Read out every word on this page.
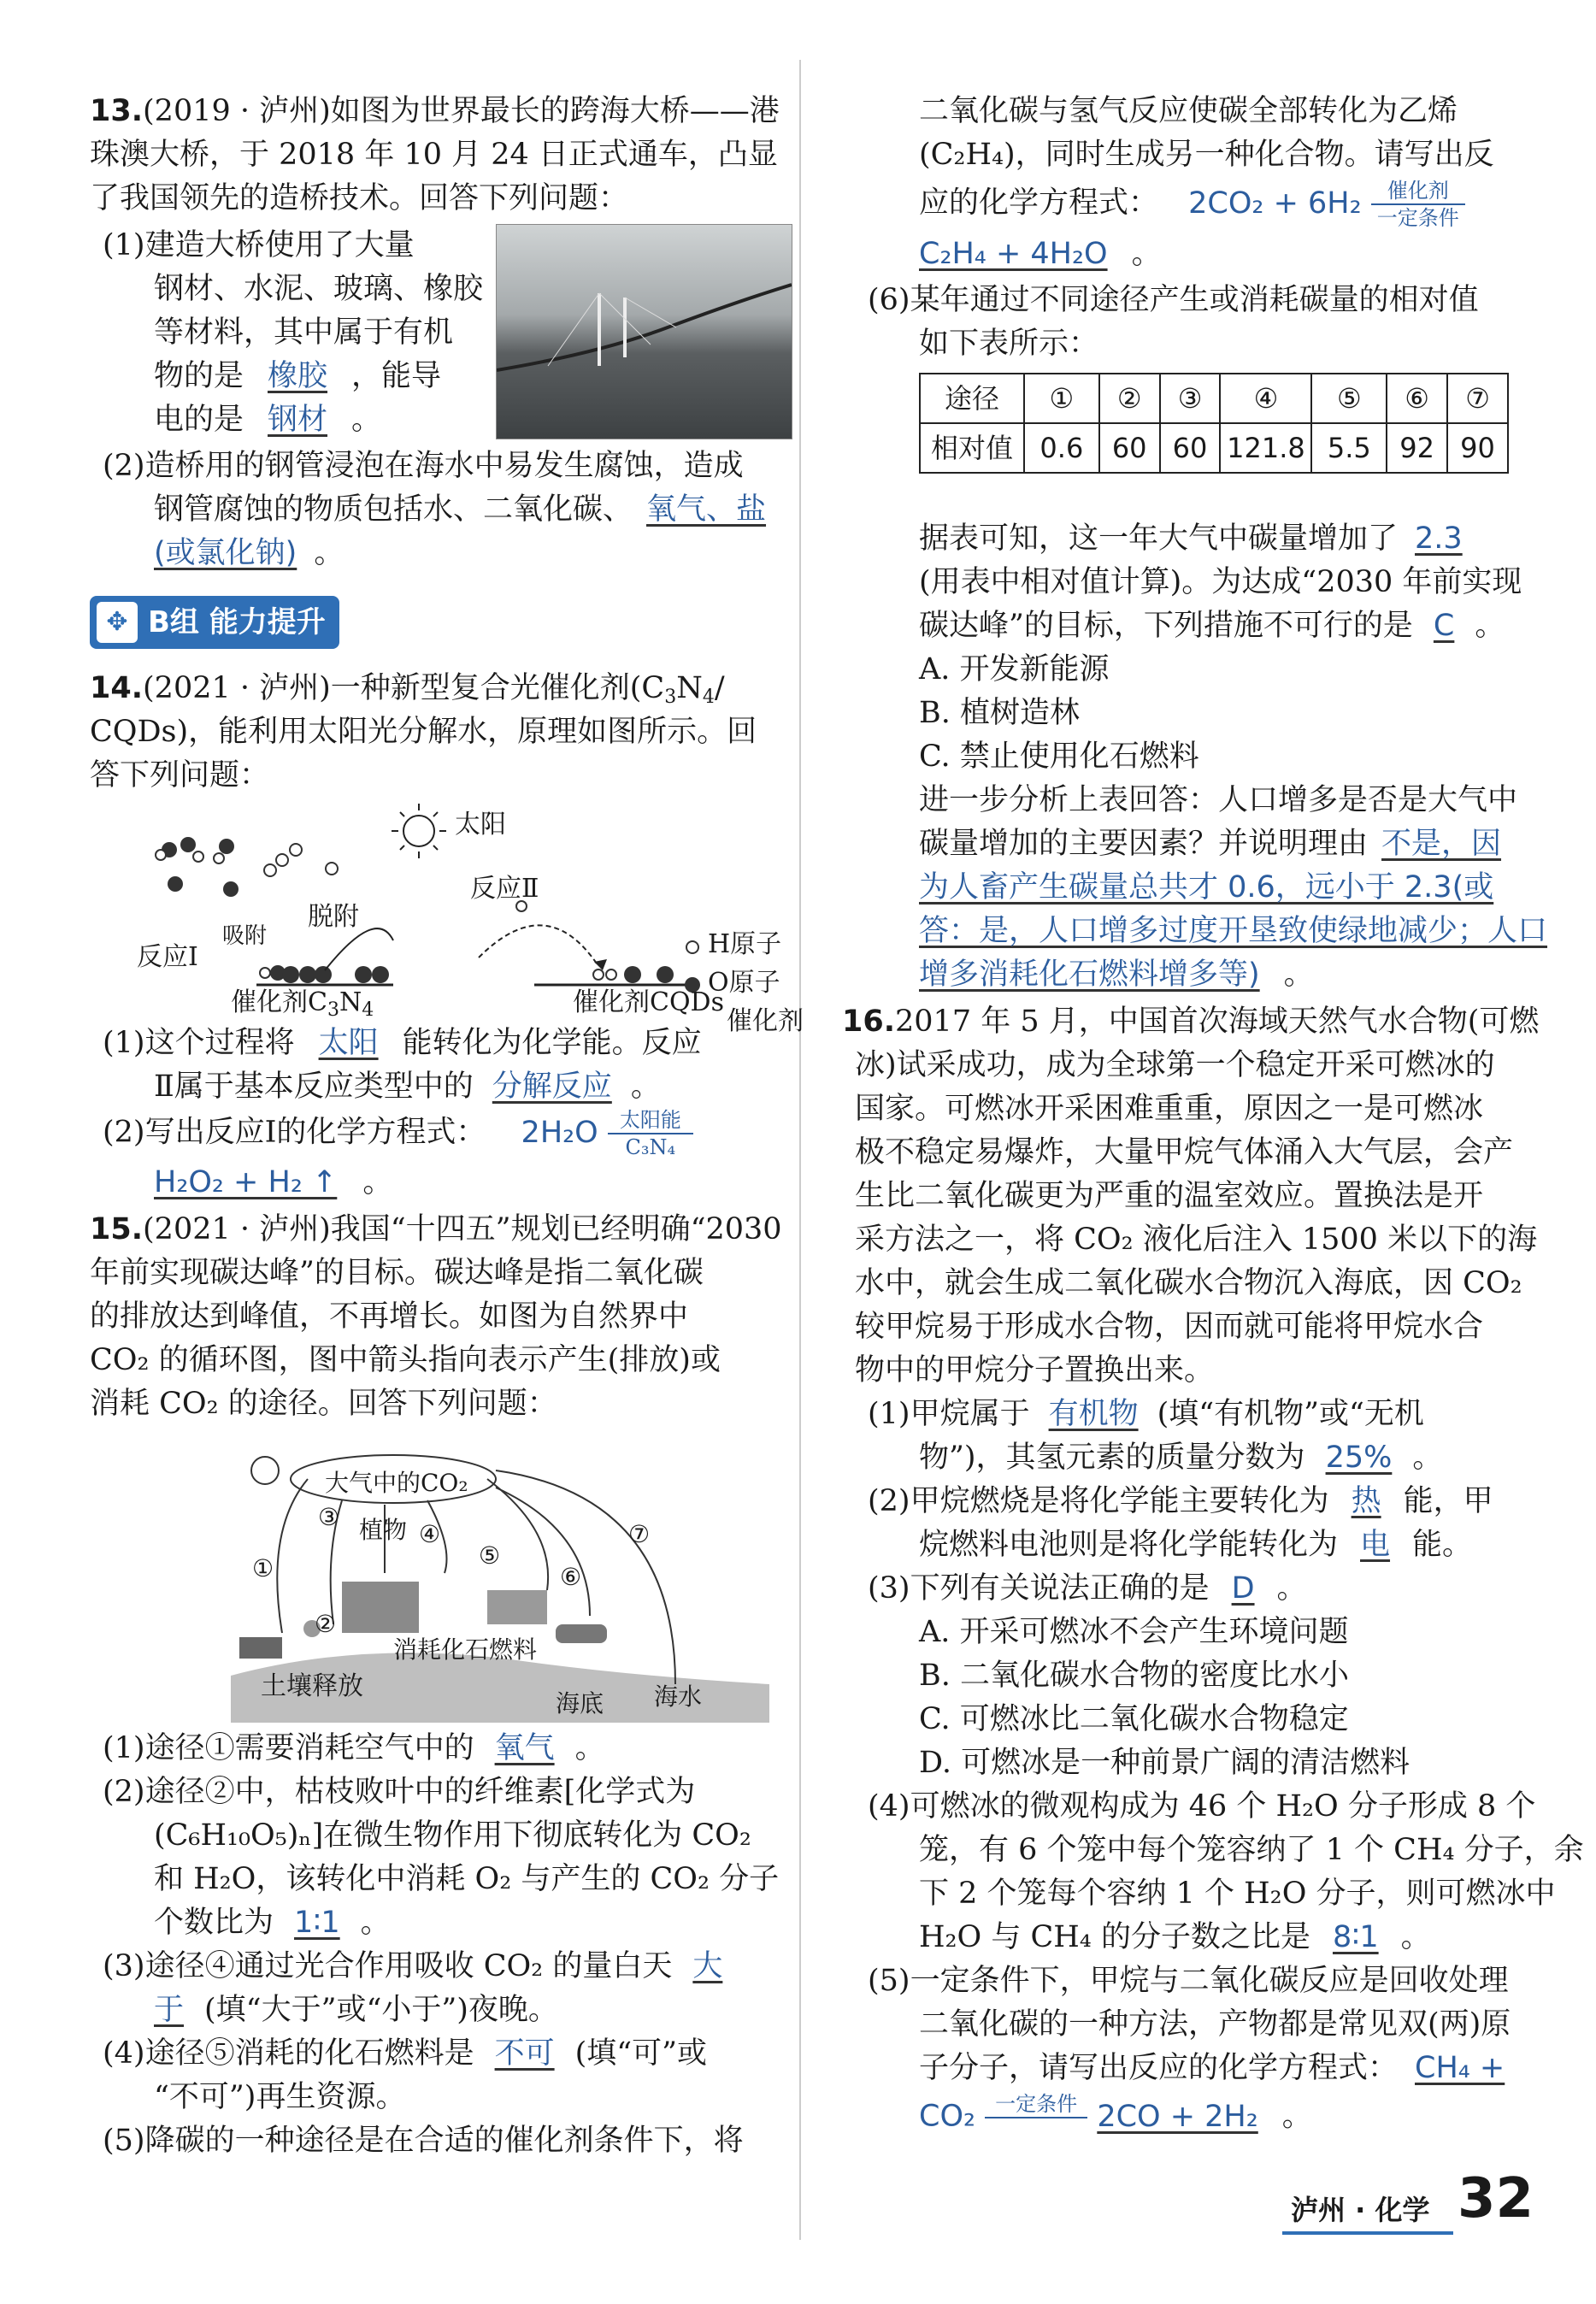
13.(2019 · 泸州)如图为世界最长的跨海大桥——港
珠澳大桥，于 2018 年 10 月 24 日正式通车，凸显
了我国领先的造桥技术。回答下列问题：
(1)建造大桥使用了大量
钢材、水泥、玻璃、橡胶
等材料，其中属于有机
物的是 橡胶 ，能导
电的是 钢材 。
(2)造桥用的钢管浸泡在海水中易发生腐蚀，造成
钢管腐蚀的物质包括水、二氧化碳、 氧气、盐
(或氯化钠) 。
✥ B组 能力提升
14.(2021 · 泸州)一种新型复合光催化剂($C_3N_4/$
CQDs)，能利用太阳光分解水，原理如图所示。回
答下列问题：
太阳
反应Ⅱ
反应Ⅰ
吸附
脱附
催化剂$C_3N_4$	催化剂CQDs
H原子
O原子
催化剂
(1)这个过程将 太阳 能转化为化学能。反应
Ⅱ属于基本反应类型中的 分解反应 。
(2)写出反应Ⅰ的化学方程式： $2H_2O \frac{\text{太阳能}}{\text{C₃N₄}}$
H₂O₂ + H₂ ↑ 。
15.(2021 · 泸州)我国“十四五”规划已经明确“2030
年前实现碳达峰”的目标。碳达峰是指二氧化碳
的排放达到峰值，不再增长。如图为自然界中
CO₂ 的循环图，图中箭头指向表示产生(排放)或
消耗 CO₂ 的途径。回答下列问题：
大气中的CO₂
植物
消耗化石燃料
土壤释放
海底 海水
①
②
③
④
⑤
⑥
⑦
(1)途径①需要消耗空气中的 氧气 。
(2)途径②中，枯枝败叶中的纤维素[化学式为
(C₆H₁₀O₅)ₙ]在微生物作用下彻底转化为 CO₂
和 H₂O，该转化中消耗 O₂ 与产生的 CO₂ 分子
个数比为 1∶1 。
(3)途径④通过光合作用吸收 CO₂ 的量白天 大
于 (填“大于”或“小于”)夜晚。
(4)途径⑤消耗的化石燃料是 不可 (填“可”或
“不可”)再生资源。
(5)降碳的一种途径是在合适的催化剂条件下，将
二氧化碳与氢气反应使碳全部转化为乙烯
(C₂H₄)，同时生成另一种化合物。请写出反
应的化学方程式： $2CO_2 + 6H_2 \frac{\text{催化剂}}{\text{一定条件}}$
C₂H₄ + 4H₂O 。
(6)某年通过不同途径产生或消耗碳量的相对值
如下表所示：
途径	①	②	③	④	⑤	⑥	⑦
相对值	0.6	60	60	121.8	5.5	92	90
据表可知，这一年大气中碳量增加了 2.3
(用表中相对值计算)。为达成“2030 年前实现
碳达峰”的目标，下列措施不可行的是 C 。
A. 开发新能源
B. 植树造林
C. 禁止使用化石燃料
进一步分析上表回答：人口增多是否是大气中
碳量增加的主要因素？并说明理由 不是，因
为人畜产生碳量总共才 0.6，远小于 2.3(或
答：是，人口增多过度开垦致使绿地减少；人口
增多消耗化石燃料增多等) 。
16.2017 年 5 月，中国首次海域天然气水合物(可燃
冰)试采成功，成为全球第一个稳定开采可燃冰的
国家。可燃冰开采困难重重，原因之一是可燃冰
极不稳定易爆炸，大量甲烷气体涌入大气层，会产
生比二氧化碳更为严重的温室效应。置换法是开
采方法之一，将 CO₂ 液化后注入 1500 米以下的海
水中，就会生成二氧化碳水合物沉入海底，因 CO₂
较甲烷易于形成水合物，因而就可能将甲烷水合
物中的甲烷分子置换出来。
(1)甲烷属于 有机物 (填“有机物”或“无机
物”)，其氢元素的质量分数为 25% 。
(2)甲烷燃烧是将化学能主要转化为 热 能，甲
烷燃料电池则是将化学能转化为 电 能。
(3)下列有关说法正确的是 D 。
A. 开采可燃冰不会产生环境问题
B. 二氧化碳水合物的密度比水小
C. 可燃冰比二氧化碳水合物稳定
D. 可燃冰是一种前景广阔的清洁燃料
(4)可燃冰的微观构成为 46 个 H₂O 分子形成 8 个
笼，有 6 个笼中每个笼容纳了 1 个 CH₄ 分子，余
下 2 个笼每个容纳 1 个 H₂O 分子，则可燃冰中
H₂O 与 CH₄ 的分子数之比是 8∶1 。
(5)一定条件下，甲烷与二氧化碳反应是回收处理
二氧化碳的一种方法，产物都是常见双(两)原
子分子，请写出反应的化学方程式： CH₄ +
CO₂ 一定条件 2CO + 2H₂ 。
泸州 · 化学 32
